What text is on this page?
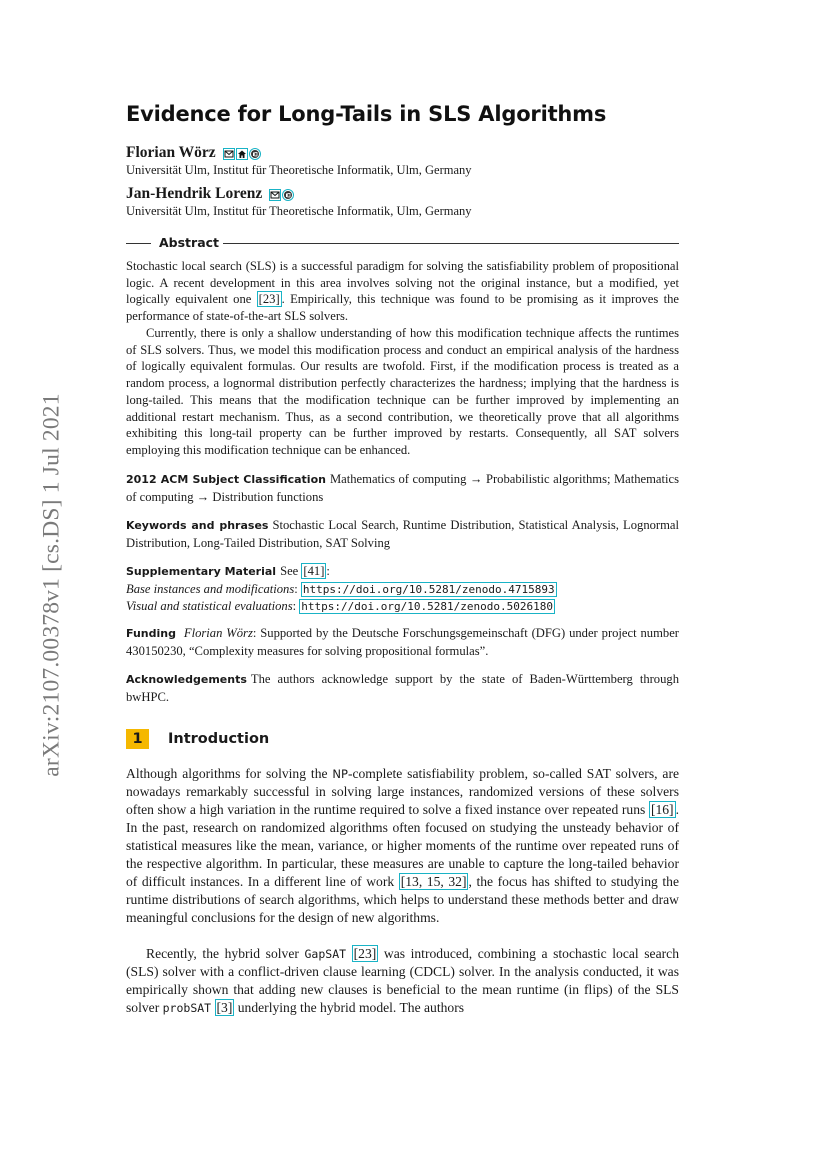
arXiv:2107.00378v1 [cs.DS] 1 Jul 2021
Evidence for Long-Tails in SLS Algorithms
Florian Wörz
Universität Ulm, Institut für Theoretische Informatik, Ulm, Germany
Jan-Hendrik Lorenz
Universität Ulm, Institut für Theoretische Informatik, Ulm, Germany
Abstract
Stochastic local search (SLS) is a successful paradigm for solving the satisfiability problem of propositional logic. A recent development in this area involves solving not the original instance, but a modified, yet logically equivalent one [23] . Empirically, this technique was found to be promising as it improves the performance of state-of-the-art SLS solvers.
Currently, there is only a shallow understanding of how this modification technique affects the runtimes of SLS solvers. Thus, we model this modification process and conduct an empirical analysis of the hardness of logically equivalent formulas. Our results are twofold. First, if the modification process is treated as a random process, a lognormal distribution perfectly characterizes the hardness; implying that the hardness is long-tailed. This means that the modification technique can be further improved by implementing an additional restart mechanism. Thus, as a second contribution, we theoretically prove that all algorithms exhibiting this long-tail property can be further improved by restarts. Consequently, all SAT solvers employing this modification technique can be enhanced.
2012 ACM Subject Classification Mathematics of computing → Probabilistic algorithms; Mathematics of computing → Distribution functions
Keywords and phrases Stochastic Local Search, Runtime Distribution, Statistical Analysis, Lognormal Distribution, Long-Tailed Distribution, SAT Solving
Supplementary Material See [41] :
Base instances and modifications: https://doi.org/10.5281/zenodo.4715893
Visual and statistical evaluations: https://doi.org/10.5281/zenodo.5026180
Funding Florian Wörz: Supported by the Deutsche Forschungsgemeinschaft (DFG) under project number 430150230, “Complexity measures for solving propositional formulas”.
Acknowledgements The authors acknowledge support by the state of Baden-Württemberg through bwHPC.
1	Introduction
Although algorithms for solving the NP-complete satisfiability problem, so-called SAT solvers, are nowadays remarkably successful in solving large instances, randomized versions of these solvers often show a high variation in the runtime required to solve a fixed instance over repeated runs [16] . In the past, research on randomized algorithms often focused on studying the unsteady behavior of statistical measures like the mean, variance, or higher moments of the runtime over repeated runs of the respective algorithm. In particular, these measures are unable to capture the long-tailed behavior of difficult instances. In a different line of work [13, 15, 32] , the focus has shifted to studying the runtime distributions of search algorithms, which helps to understand these methods better and draw meaningful conclusions for the design of new algorithms.
Recently, the hybrid solver GapSAT [23] was introduced, combining a stochastic local search (SLS) solver with a conflict-driven clause learning (CDCL) solver. In the analysis conducted, it was empirically shown that adding new clauses is beneficial to the mean runtime (in flips) of the SLS solver probSAT [3] underlying the hybrid model. The authors
